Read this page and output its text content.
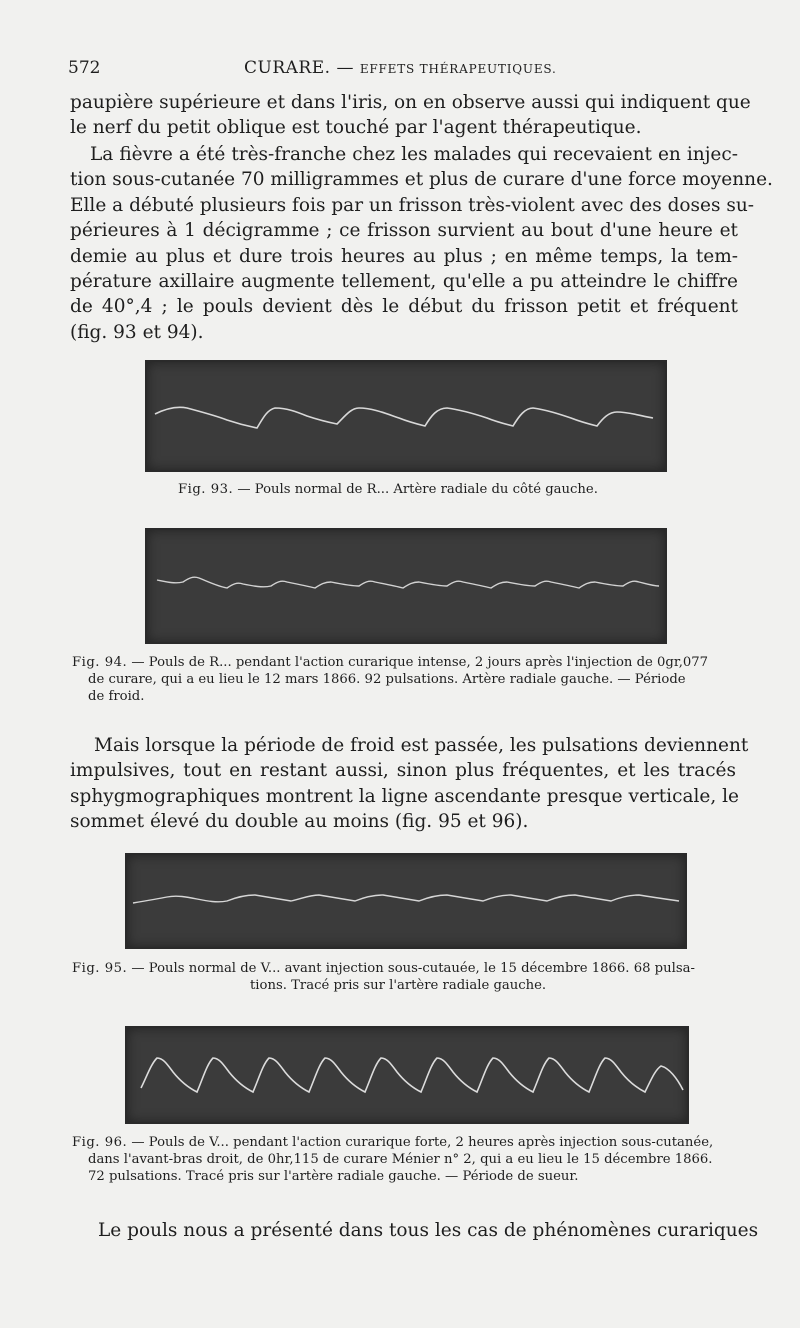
572	CURARE. — EFFETS THÉRAPEUTIQUES.

paupière supérieure et dans l'iris, on en observe aussi qui indiquent que
le nerf du petit oblique est touché par l'agent thérapeutique.

La fièvre a été très-franche chez les malades qui recevaient en injec-
tion sous-cutanée 70 milligrammes et plus de curare d'une force moyenne.
Elle a débuté plusieurs fois par un frisson très-violent avec des doses su-
périeures à 1 décigramme ; ce frisson survient au bout d'une heure et
demie au plus et dure trois heures au plus ; en même temps, la tem-
pérature axillaire augmente tellement, qu'elle a pu atteindre le chiffre
de 40°,4 ; le pouls devient dès le début du frisson petit et fréquent
(fig. 93 et 94).

Fig. 93. — Pouls normal de R... Artère radiale du côté gauche.

Fig. 94. — Pouls de R... pendant l'action curarique intense, 2 jours après l'injection de 0gr,077
de curare, qui a eu lieu le 12 mars 1866. 92 pulsations. Artère radiale gauche. — Période
de froid.

Mais lorsque la période de froid est passée, les pulsations deviennent
impulsives, tout en restant aussi, sinon plus fréquentes, et les tracés
sphygmographiques montrent la ligne ascendante presque verticale, le
sommet élevé du double au moins (fig. 95 et 96).

Fig. 95. — Pouls normal de V... avant injection sous-cutauée, le 15 décembre 1866. 68 pulsa-
tions. Tracé pris sur l'artère radiale gauche.

Fig. 96. — Pouls de V... pendant l'action curarique forte, 2 heures après injection sous-cutanée,
dans l'avant-bras droit, de 0hr,115 de curare Ménier n° 2, qui a eu lieu le 15 décembre 1866.
72 pulsations. Tracé pris sur l'artère radiale gauche. — Période de sueur.

Le pouls nous a présenté dans tous les cas de phénomènes curariques
